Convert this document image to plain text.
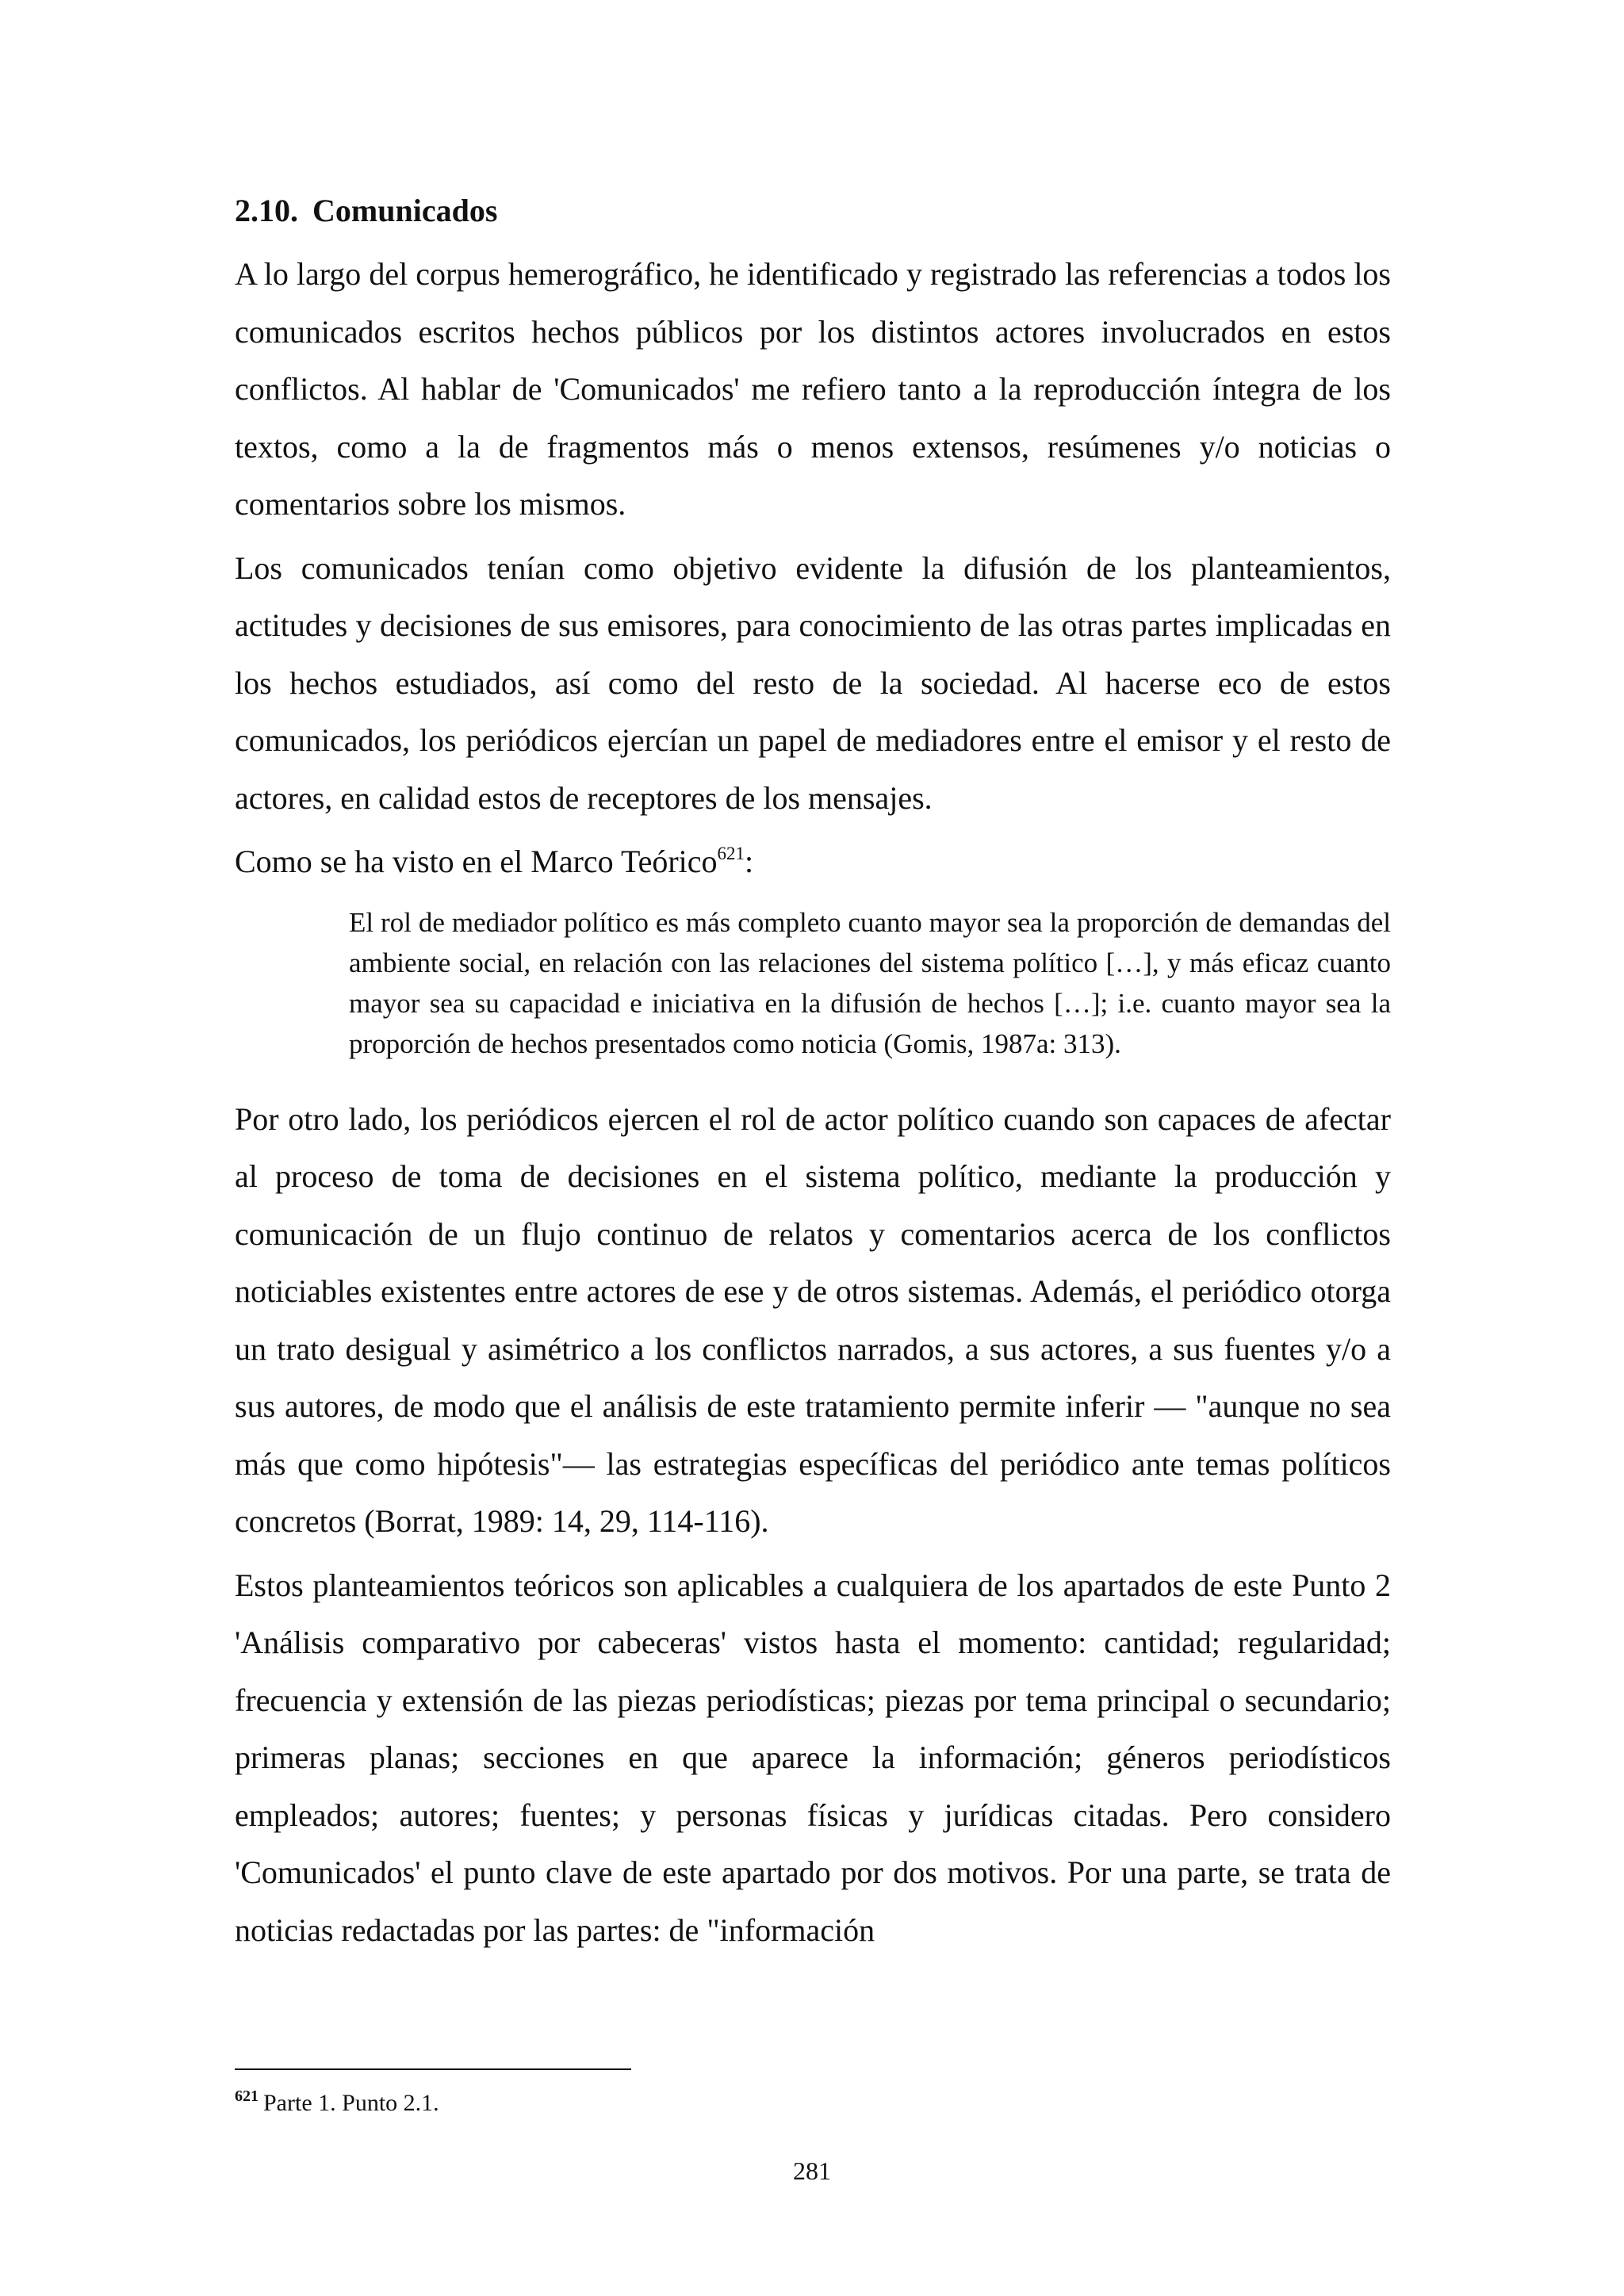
2.10. Comunicados

A lo largo del corpus hemerográfico, he identificado y registrado las referencias a todos los comunicados escritos hechos públicos por los distintos actores involucrados en estos conflictos. Al hablar de 'Comunicados' me refiero tanto a la reproducción íntegra de los textos, como a la de fragmentos más o menos extensos, resúmenes y/o noticias o comentarios sobre los mismos.

Los comunicados tenían como objetivo evidente la difusión de los planteamientos, actitudes y decisiones de sus emisores, para conocimiento de las otras partes implicadas en los hechos estudiados, así como del resto de la sociedad. Al hacerse eco de estos comunicados, los periódicos ejercían un papel de mediadores entre el emisor y el resto de actores, en calidad estos de receptores de los mensajes.

Como se ha visto en el Marco Teórico$^{621}$:

El rol de mediador político es más completo cuanto mayor sea la proporción de demandas del ambiente social, en relación con las relaciones del sistema político […], y más eficaz cuanto mayor sea su capacidad e iniciativa en la difusión de hechos […]; i.e. cuanto mayor sea la proporción de hechos presentados como noticia (Gomis, 1987a: 313).

Por otro lado, los periódicos ejercen el rol de actor político cuando son capaces de afectar al proceso de toma de decisiones en el sistema político, mediante la producción y comunicación de un flujo continuo de relatos y comentarios acerca de los conflictos noticiables existentes entre actores de ese y de otros sistemas. Además, el periódico otorga un trato desigual y asimétrico a los conflictos narrados, a sus actores, a sus fuentes y/o a sus autores, de modo que el análisis de este tratamiento permite inferir — "aunque no sea más que como hipótesis"— las estrategias específicas del periódico ante temas políticos concretos (Borrat, 1989: 14, 29, 114-116).

Estos planteamientos teóricos son aplicables a cualquiera de los apartados de este Punto 2 'Análisis comparativo por cabeceras' vistos hasta el momento: cantidad; regularidad; frecuencia y extensión de las piezas periodísticas; piezas por tema principal o secundario; primeras planas; secciones en que aparece la información; géneros periodísticos empleados; autores; fuentes; y personas físicas y jurídicas citadas. Pero considero 'Comunicados' el punto clave de este apartado por dos motivos. Por una parte, se trata de noticias redactadas por las partes: de "información

$^{621}$ Parte 1. Punto 2.1.
281
